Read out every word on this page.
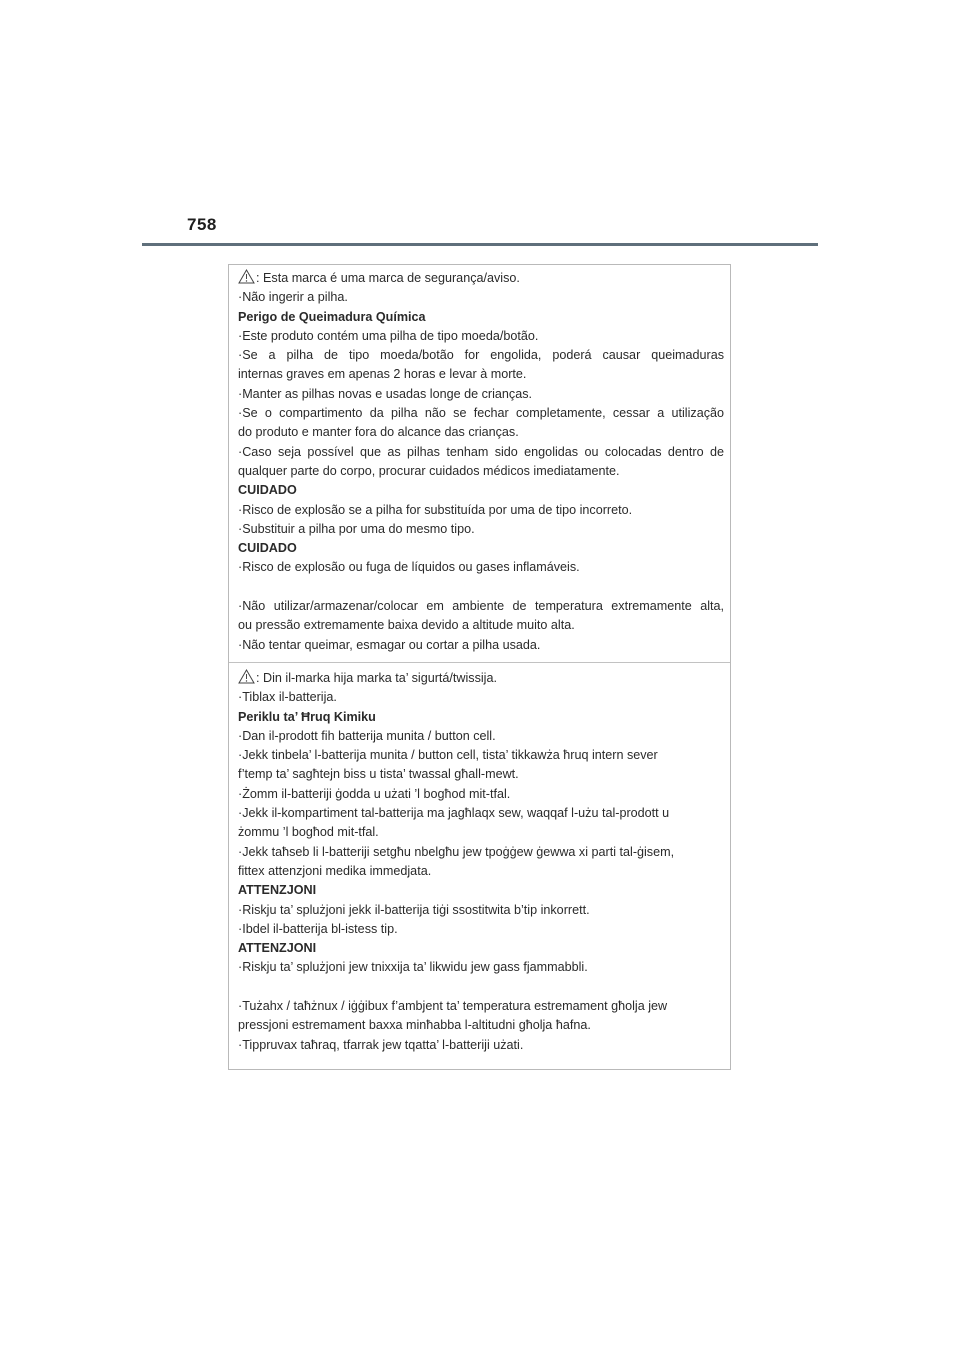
758
: Esta marca é uma marca de segurança/aviso.
·Não ingerir a pilha.
Perigo de Queimadura Química
·Este produto contém uma pilha de tipo moeda/botão.
·Se a pilha de tipo moeda/botão for engolida, poderá causar queimaduras
internas graves em apenas 2 horas e levar à morte.
·Manter as pilhas novas e usadas longe de crianças.
·Se o compartimento da pilha não se fechar completamente, cessar a utilização
do produto e manter fora do alcance das crianças.
·Caso seja possível que as pilhas tenham sido engolidas ou colocadas dentro de
qualquer parte do corpo, procurar cuidados médicos imediatamente.
CUIDADO
·Risco de explosão se a pilha for substituída por uma de tipo incorreto.
·Substituir a pilha por uma do mesmo tipo.
CUIDADO
·Risco de explosão ou fuga de líquidos ou gases inflamáveis.
·Não utilizar/armazenar/colocar em ambiente de temperatura extremamente alta,
ou pressão extremamente baixa devido a altitude muito alta.
·Não tentar queimar, esmagar ou cortar a pilha usada.
: Din il-marka hija marka ta’ sigurtá/twissija.
·Tiblax il-batterija.
Periklu ta’ Ħruq Kimiku
·Dan il-prodott fih batterija munita / button cell.
·Jekk tinbela’ l-batterija munita / button cell, tista’ tikkawża ħruq intern sever
f’temp ta’ sagħtejn biss u tista’ twassal għall-mewt.
·Żomm il-batteriji ġodda u użati ’l bogħod mit-tfal.
·Jekk il-kompartiment tal-batterija ma jagħlaqx sew, waqqaf l-użu tal-prodott u
żommu ’l bogħod mit-tfal.
·Jekk taħseb li l-batteriji setgħu nbelgħu jew tpoġġew ġewwa xi parti tal-ġisem,
fittex attenzjoni medika immedjata.
ATTENZJONI
·Riskju ta’ splużjoni jekk il-batterija tiġi ssostitwita b’tip inkorrett.
·Ibdel il-batterija bl-istess tip.
ATTENZJONI
·Riskju ta’ splużjoni jew tnixxija ta’ likwidu jew gass fjammabbli.
·Tużahx / taħżnux / iġġibux f’ambjent ta’ temperatura estremament għolja jew
pressjoni estremament baxxa minħabba l-altitudni għolja ħafna.
·Tippruvax taħraq, tfarrak jew tqatta’ l-batteriji użati.
